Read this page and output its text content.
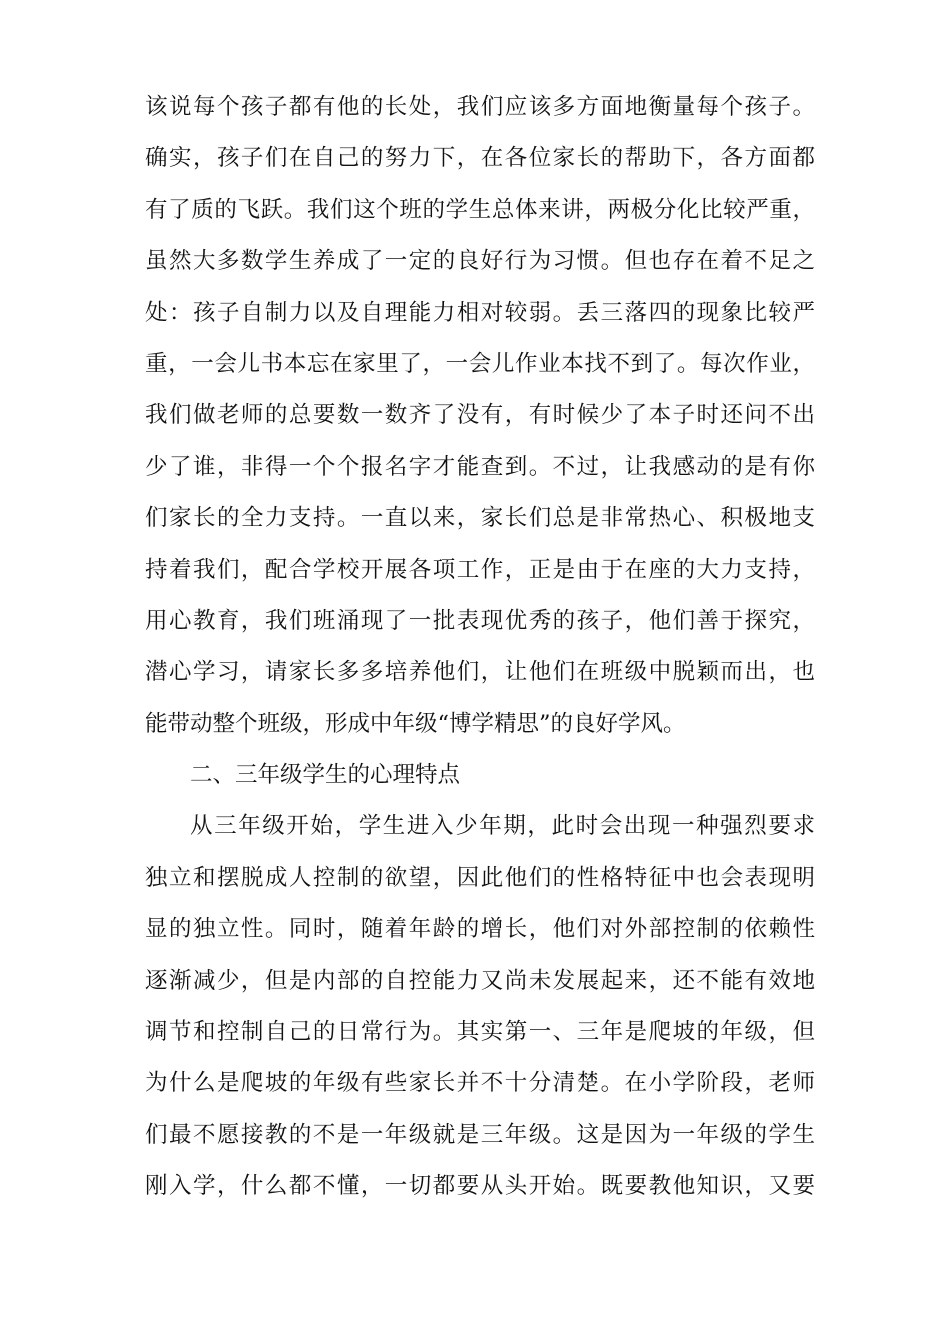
该说每个孩子都有他的长处，我们应该多方面地衡量每个孩子。
确实，孩子们在自己的努力下，在各位家长的帮助下，各方面都
有了质的飞跃。我们这个班的学生总体来讲，两极分化比较严重，
虽然大多数学生养成了一定的良好行为习惯。但也存在着不足之
处：孩子自制力以及自理能力相对较弱。丢三落四的现象比较严
重，一会儿书本忘在家里了，一会儿作业本找不到了。每次作业，
我们做老师的总要数一数齐了没有，有时候少了本子时还问不出
少了谁，非得一个个报名字才能查到。不过，让我感动的是有你
们家长的全力支持。一直以来，家长们总是非常热心、积极地支
持着我们，配合学校开展各项工作，正是由于在座的大力支持，
用心教育，我们班涌现了一批表现优秀的孩子，他们善于探究，
潜心学习，请家长多多培养他们，让他们在班级中脱颖而出，也
能带动整个班级，形成中年级“博学精思”的良好学风。
二、三年级学生的心理特点
从三年级开始，学生进入少年期，此时会出现一种强烈要求
独立和摆脱成人控制的欲望，因此他们的性格特征中也会表现明
显的独立性。同时，随着年龄的增长，他们对外部控制的依赖性
逐渐减少，但是内部的自控能力又尚未发展起来，还不能有效地
调节和控制自己的日常行为。其实第一、三年是爬坡的年级，但
为什么是爬坡的年级有些家长并不十分清楚。在小学阶段，老师
们最不愿接教的不是一年级就是三年级。这是因为一年级的学生
刚入学，什么都不懂，一切都要从头开始。既要教他知识，又要
